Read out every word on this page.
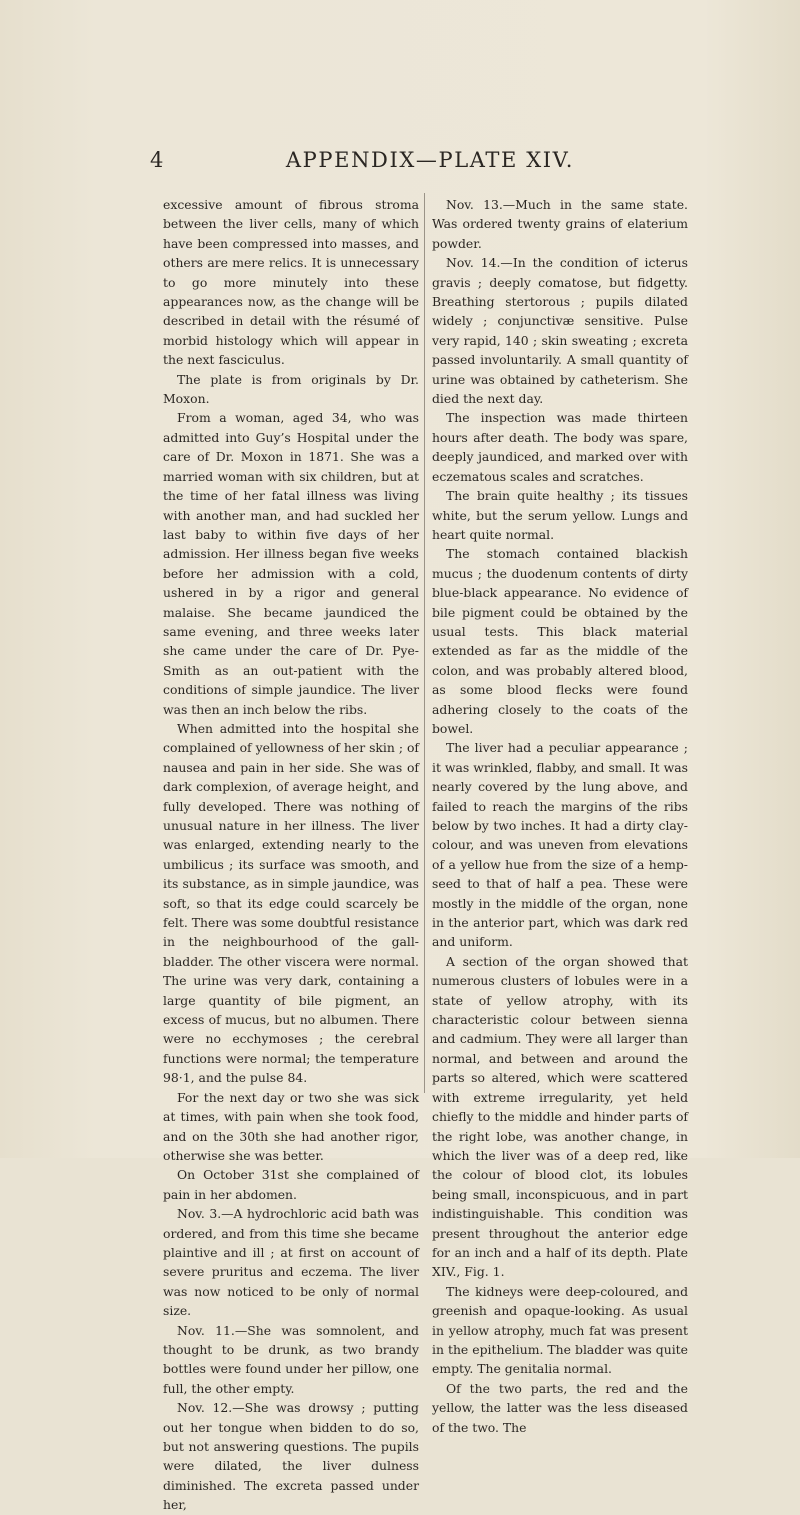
4	APPENDIX—PLATE XIV.

excessive amount of fibrous stroma between the liver cells, many of which have been compressed into masses, and others are mere relics. It is unnecessary to go more minutely into these appearances now, as the change will be described in detail with the résumé of morbid histology which will appear in the next fasciculus.

The plate is from originals by Dr. Moxon.

From a woman, aged 34, who was admitted into Guy’s Hospital under the care of Dr. Moxon in 1871. She was a married woman with six children, but at the time of her fatal illness was living with another man, and had suckled her last baby to within five days of her admission. Her illness began five weeks before her admission with a cold, ushered in by a rigor and general malaise. She became jaundiced the same evening, and three weeks later she came under the care of Dr. Pye-Smith as an out-patient with the conditions of simple jaundice. The liver was then an inch below the ribs.

When admitted into the hospital she complained of yellowness of her skin ; of nausea and pain in her side. She was of dark complexion, of average height, and fully developed. There was nothing of unusual nature in her illness. The liver was enlarged, extending nearly to the umbilicus ; its surface was smooth, and its substance, as in simple jaundice, was soft, so that its edge could scarcely be felt. There was some doubtful resistance in the neighbourhood of the gall-bladder. The other viscera were normal. The urine was very dark, containing a large quantity of bile pigment, an excess of mucus, but no albumen. There were no ecchymoses ; the cerebral functions were normal; the temperature 98·1, and the pulse 84.

For the next day or two she was sick at times, with pain when she took food, and on the 30th she had another rigor, otherwise she was better.

On October 31st she complained of pain in her abdomen.

Nov. 3.—A hydrochloric acid bath was ordered, and from this time she became plaintive and ill ; at first on account of severe pruritus and eczema. The liver was now noticed to be only of normal size.

Nov. 11.—She was somnolent, and thought to be drunk, as two brandy bottles were found under her pillow, one full, the other empty.

Nov. 12.—She was drowsy ; putting out her tongue when bidden to do so, but not answering questions. The pupils were dilated, the liver dulness diminished. The excreta passed under her,

Nov. 13.—Much in the same state. Was ordered twenty grains of elaterium powder.

Nov. 14.—In the condition of icterus gravis ; deeply comatose, but fidgetty. Breathing stertorous ; pupils dilated widely ; conjunctivæ sensitive. Pulse very rapid, 140 ; skin sweating ; excreta passed involuntarily. A small quantity of urine was obtained by catheterism. She died the next day.

The inspection was made thirteen hours after death. The body was spare, deeply jaundiced, and marked over with eczematous scales and scratches.

The brain quite healthy ; its tissues white, but the serum yellow. Lungs and heart quite normal.

The stomach contained blackish mucus ; the duodenum contents of dirty blue-black appearance. No evidence of bile pigment could be obtained by the usual tests. This black material extended as far as the middle of the colon, and was probably altered blood, as some blood flecks were found adhering closely to the coats of the bowel.

The liver had a peculiar appearance ; it was wrinkled, flabby, and small. It was nearly covered by the lung above, and failed to reach the margins of the ribs below by two inches. It had a dirty clay-colour, and was uneven from elevations of a yellow hue from the size of a hemp-seed to that of half a pea. These were mostly in the middle of the organ, none in the anterior part, which was dark red and uniform.

A section of the organ showed that numerous clusters of lobules were in a state of yellow atrophy, with its characteristic colour between sienna and cadmium. They were all larger than normal, and between and around the parts so altered, which were scattered with extreme irregularity, yet held chiefly to the middle and hinder parts of the right lobe, was another change, in which the liver was of a deep red, like the colour of blood clot, its lobules being small, inconspicuous, and in part indistinguishable. This condition was present throughout the anterior edge for an inch and a half of its depth. Plate XIV., Fig. 1.

The kidneys were deep-coloured, and greenish and opaque-looking. As usual in yellow atrophy, much fat was present in the epithelium. The bladder was quite empty. The genitalia normal.

Of the two parts, the red and the yellow, the latter was the less diseased of the two. The
